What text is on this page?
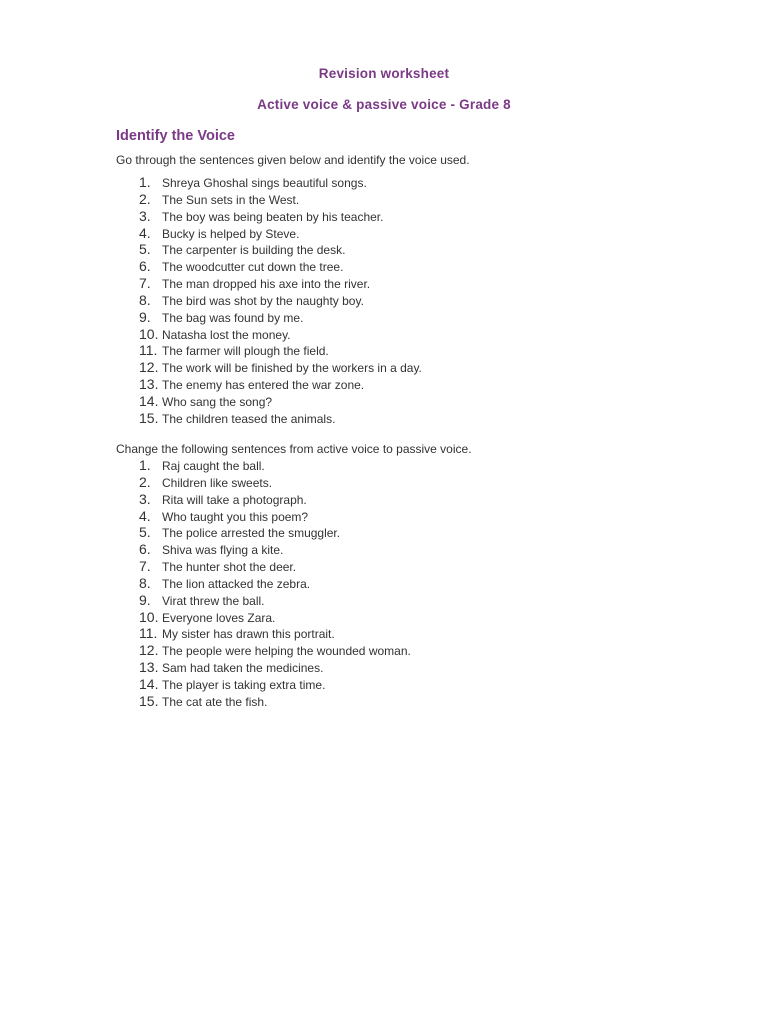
Revision worksheet
Active voice & passive voice - Grade 8
Identify the Voice
Go through the sentences given below and identify the voice used.
1. Shreya Ghoshal sings beautiful songs.
2. The Sun sets in the West.
3. The boy was being beaten by his teacher.
4. Bucky is helped by Steve.
5. The carpenter is building the desk.
6. The woodcutter cut down the tree.
7. The man dropped his axe into the river.
8. The bird was shot by the naughty boy.
9. The bag was found by me.
10. Natasha lost the money.
11. The farmer will plough the field.
12. The work will be finished by the workers in a day.
13. The enemy has entered the war zone.
14. Who sang the song?
15. The children teased the animals.
Change the following sentences from active voice to passive voice.
1. Raj caught the ball.
2. Children like sweets.
3. Rita will take a photograph.
4. Who taught you this poem?
5. The police arrested the smuggler.
6. Shiva was flying a kite.
7. The hunter shot the deer.
8. The lion attacked the zebra.
9. Virat threw the ball.
10. Everyone loves Zara.
11. My sister has drawn this portrait.
12. The people were helping the wounded woman.
13. Sam had taken the medicines.
14. The player is taking extra time.
15. The cat ate the fish.
